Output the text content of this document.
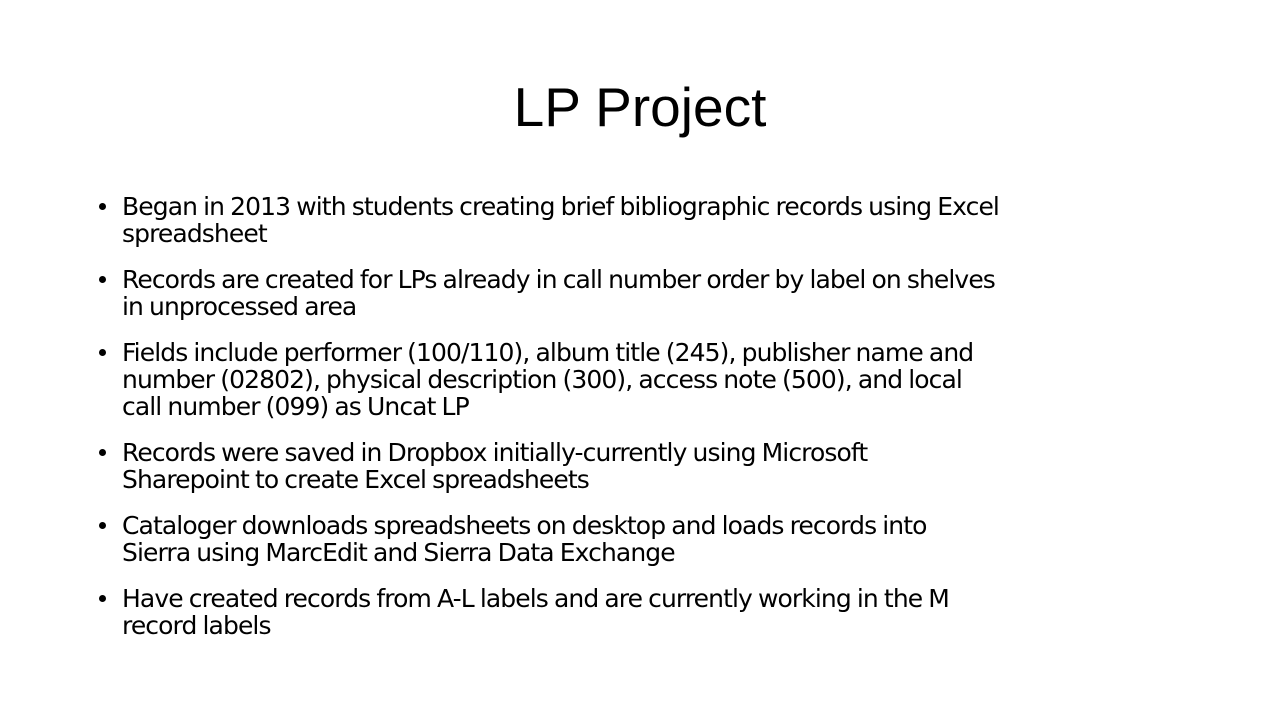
LP Project
Began in 2013 with students creating brief bibliographic records using Excel
spreadsheet
Records are created for LPs already in call number order by label on shelves
in unprocessed area
Fields include performer (100/110), album title (245), publisher name and
number (02802), physical description (300), access note (500), and local
call number (099) as Uncat LP
Records were saved in Dropbox initially-currently using Microsoft
Sharepoint to create Excel spreadsheets
Cataloger downloads spreadsheets on desktop and loads records into
Sierra using MarcEdit and Sierra Data Exchange
Have created records from A-L labels and are currently working in the M
record labels
